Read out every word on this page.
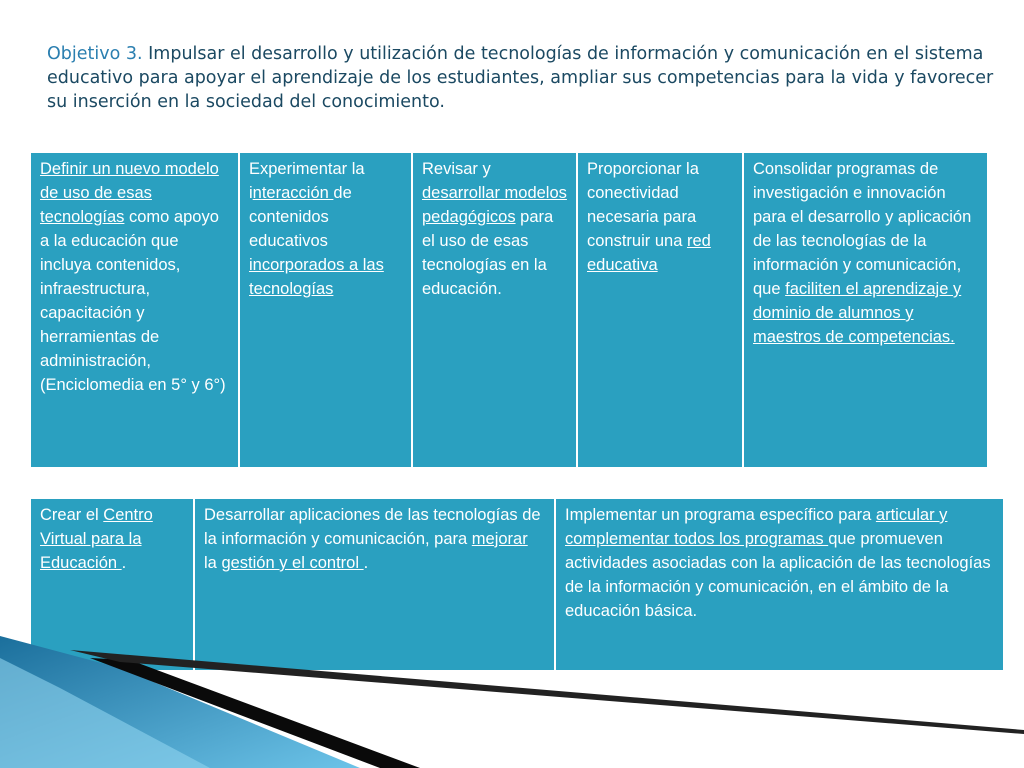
Objetivo 3. Impulsar el desarrollo y utilización de tecnologías de información y comunicación en el sistema educativo para apoyar el aprendizaje de los estudiantes, ampliar sus competencias para la vida y favorecer su inserción en la sociedad del conocimiento.
Definir un nuevo modelo de uso de esas tecnologías como apoyo a la educación que incluya contenidos, infraestructura, capacitación y herramientas de administración, (Enciclomedia en 5° y 6°)	Experimentar la interacción de contenidos educativos incorporados a las tecnologías	Revisar y desarrollar modelos pedagógicos para el uso de esas tecnologías en la educación.	Proporcionar la conectividad necesaria para construir una red educativa	Consolidar programas de investigación e innovación para el desarrollo y aplicación de las tecnologías de la información y comunicación, que faciliten el aprendizaje y dominio de alumnos y maestros de competencias.
Crear el Centro Virtual para la Educación .	Desarrollar aplicaciones de las tecnologías de la información y comunicación, para mejorar la gestión y el control .	Implementar un programa específico para articular y complementar todos los programas que promueven actividades asociadas con la aplicación de las tecnologías de la información y comunicación, en el ámbito de la educación básica.
